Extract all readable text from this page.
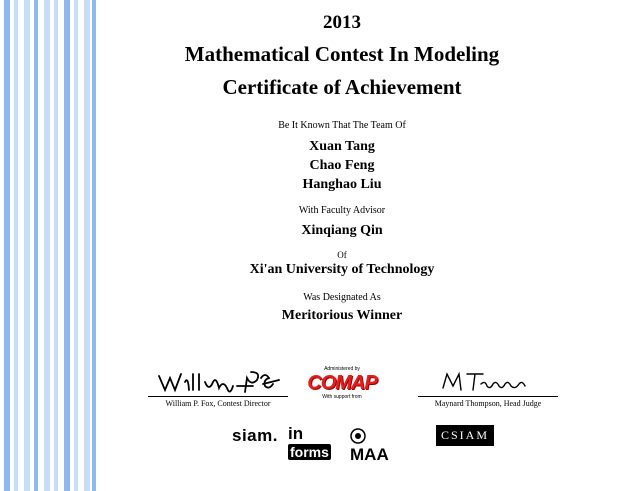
2013
Mathematical Contest In Modeling
Certificate of Achievement
Be It Known That The Team Of
Xuan Tang
Chao Feng
Hanghao Liu
With Faculty Advisor
Xinqiang Qin
Of
Xi'an University of Technology
Was Designated As
Meritorious Winner
William P. Fox, Contest Director
Administered by
COMAP
With support from
Maynard Thompson, Head Judge
siam. informs MAA
CSIAM
